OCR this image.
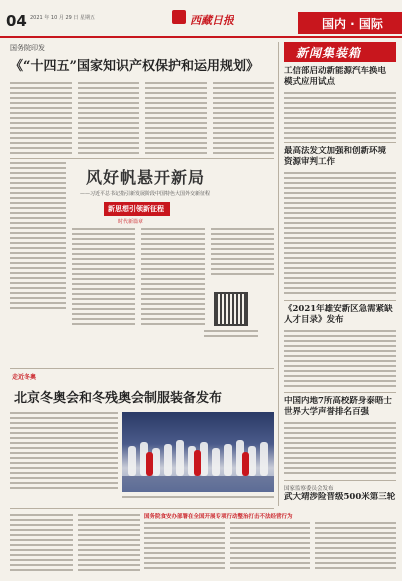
04 2021 年 10 月 29 日 星期五	西藏日报	国内 · 国际
国务院印发
《“十四五”国家知识产权保护和运用规划》
风好帆悬开新局
——习近平总书记指引新发展阶段中国特色大国外交新征程
新思想引领新征程
时代新篇章
走近冬奥
北京冬奥会和冬残奥会制服装备发布
国务院食安办部署在全国开展专项行动整治打击不法经营行为
新闻集装箱
工信部启动新能源汽车换电模式应用试点
最高法发文加强和创新环境资源审判工作
《2021年雄安新区急需紧缺人才目录》发布
中国内地7所高校跻身泰晤士世界大学声誉排名百强
国家监察委员会发布
武大靖涉险晋级500米第三轮
